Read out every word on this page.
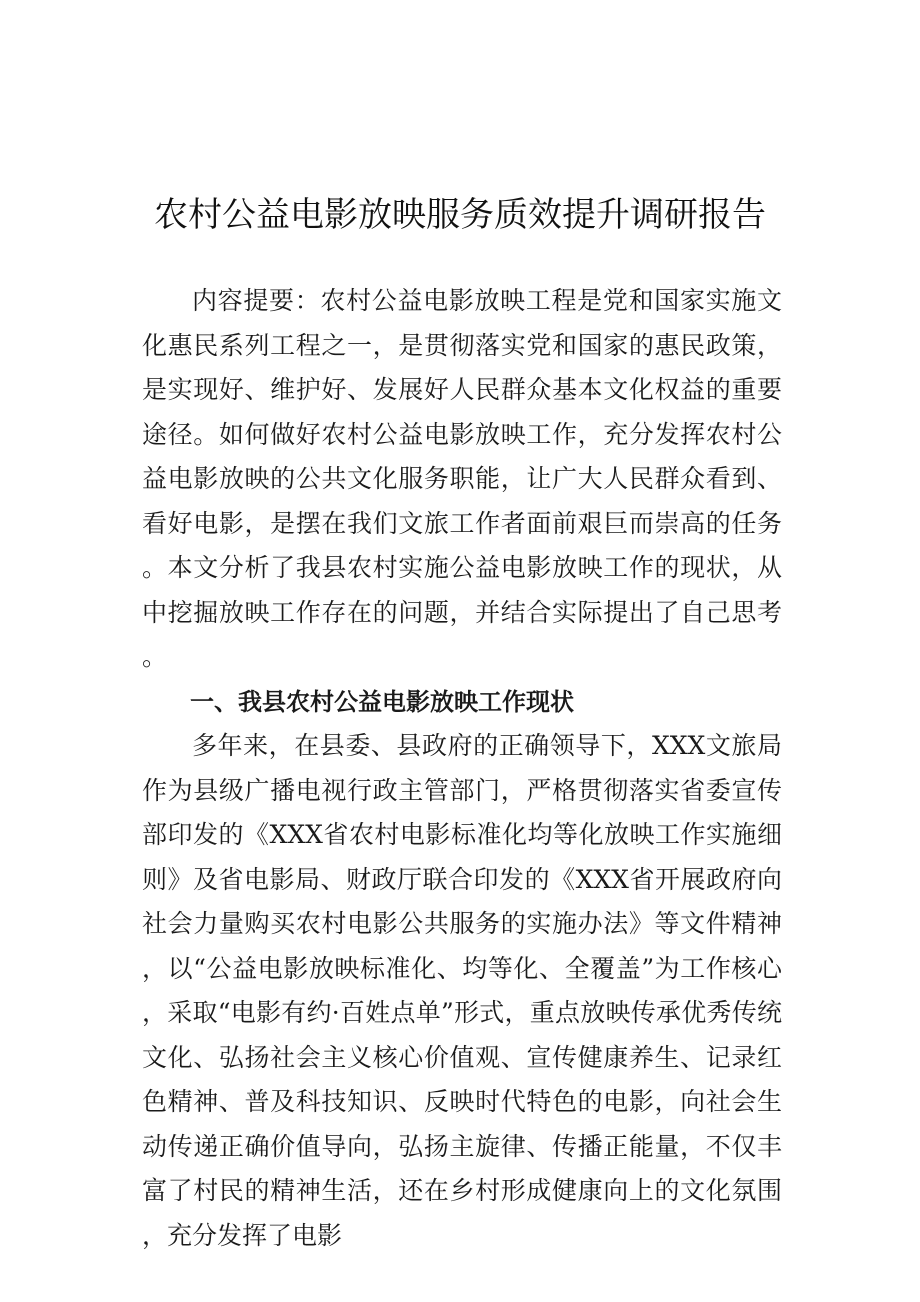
农村公益电影放映服务质效提升调研报告

内容提要：农村公益电影放映工程是党和国家实施文化惠民系列工程之一，是贯彻落实党和国家的惠民政策，是实现好、维护好、发展好人民群众基本文化权益的重要途径。如何做好农村公益电影放映工作，充分发挥农村公益电影放映的公共文化服务职能，让广大人民群众看到、看好电影，是摆在我们文旅工作者面前艰巨而崇高的任务。本文分析了我县农村实施公益电影放映工作的现状，从中挖掘放映工作存在的问题，并结合实际提出了自己思考。

一、我县农村公益电影放映工作现状

多年来，在县委、县政府的正确领导下，XXX文旅局作为县级广播电视行政主管部门，严格贯彻落实省委宣传部印发的《XXX省农村电影标准化均等化放映工作实施细则》及省电影局、财政厅联合印发的《XXX省开展政府向社会力量购买农村电影公共服务的实施办法》等文件精神，以“公益电影放映标准化、均等化、全覆盖”为工作核心，采取“电影有约·百姓点单”形式，重点放映传承优秀传统文化、弘扬社会主义核心价值观、宣传健康养生、记录红色精神、普及科技知识、反映时代特色的电影，向社会生动传递正确价值导向，弘扬主旋律、传播正能量，不仅丰富了村民的精神生活，还在乡村形成健康向上的文化氛围，充分发挥了电影
